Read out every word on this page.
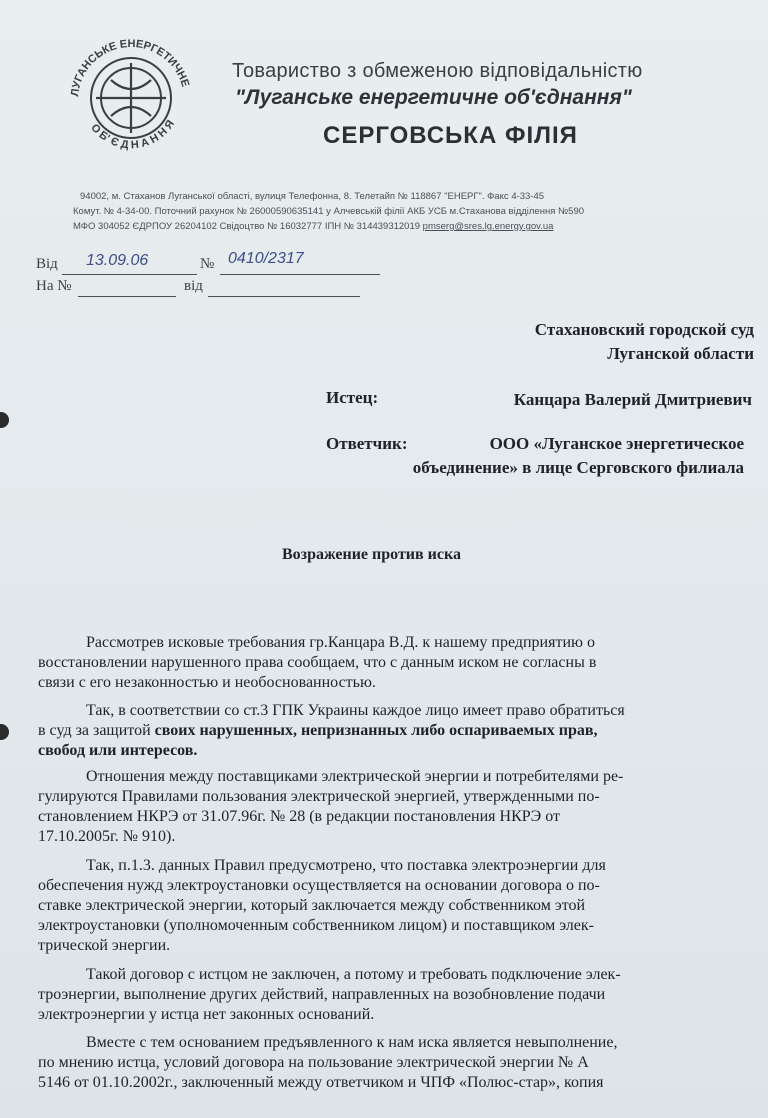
ЛУГАНСЬКЕ ЕНЕРГЕТИЧНЕ
О Б' Є Д Н А Н Н Я
Товариство з обмеженою відповідальністю
"Луганське енергетичне об'єднання"
СЕРГОВСЬКА ФІЛІЯ
94002, м. Стаханов Луганської області, вулиця Телефонна, 8. Телетайп № 118867 "ЕНЕРГ". Факс 4-33-45
Комут. № 4-34-00. Поточний рахунок № 26000590635141 у Алчевській філії АКБ УСБ м.Стаханова відділення №590
МФО 304052 ЄДРПОУ 26204102 Свідоцтво № 16032777 ІПН № 314439312019 pmserg@sres.lg.energy.gov.ua
Від 13.09.06	№ 0410/2317
На №	від
Стахановский городской суд
Луганской области
Истец:	Канцара Валерий Дмитриевич
Ответчик:	ООО «Луганское энергетическое
объединение» в лице Серговского филиала
Возражение против иска
Рассмотрев исковые требования гр.Канцара В.Д. к нашему предприятию о
восстановлении нарушенного права сообщаем, что с данным иском не согласны в
связи с его незаконностью и необоснованностью.
Так, в соответствии со ст.3 ГПК Украины каждое лицо имеет право обратиться
в суд за защитой своих нарушенных, непризнанных либо оспариваемых прав,
свобод или интересов.
Отношения между поставщиками электрической энергии и потребителями ре-
гулируются Правилами пользования электрической энергией, утвержденными по-
становлением НКРЭ от 31.07.96г. № 28 (в редакции постановления НКРЭ от
17.10.2005г. № 910).
Так, п.1.3. данных Правил предусмотрено, что поставка электроэнергии для
обеспечения нужд электроустановки осуществляется на основании договора о по-
ставке электрической энергии, который заключается между собственником этой
электроустановки (уполномоченным собственником лицом) и поставщиком элек-
трической энергии.
Такой договор с истцом не заключен, а потому и требовать подключение элек-
троэнергии, выполнение других действий, направленных на возобновление подачи
электроэнергии у истца нет законных оснований.
Вместе с тем основанием предъявленного к нам иска является невыполнение,
по мнению истца, условий договора на пользование электрической энергии № А
5146 от 01.10.2002г., заключенный между ответчиком и ЧПФ «Полюс-стар», копия
